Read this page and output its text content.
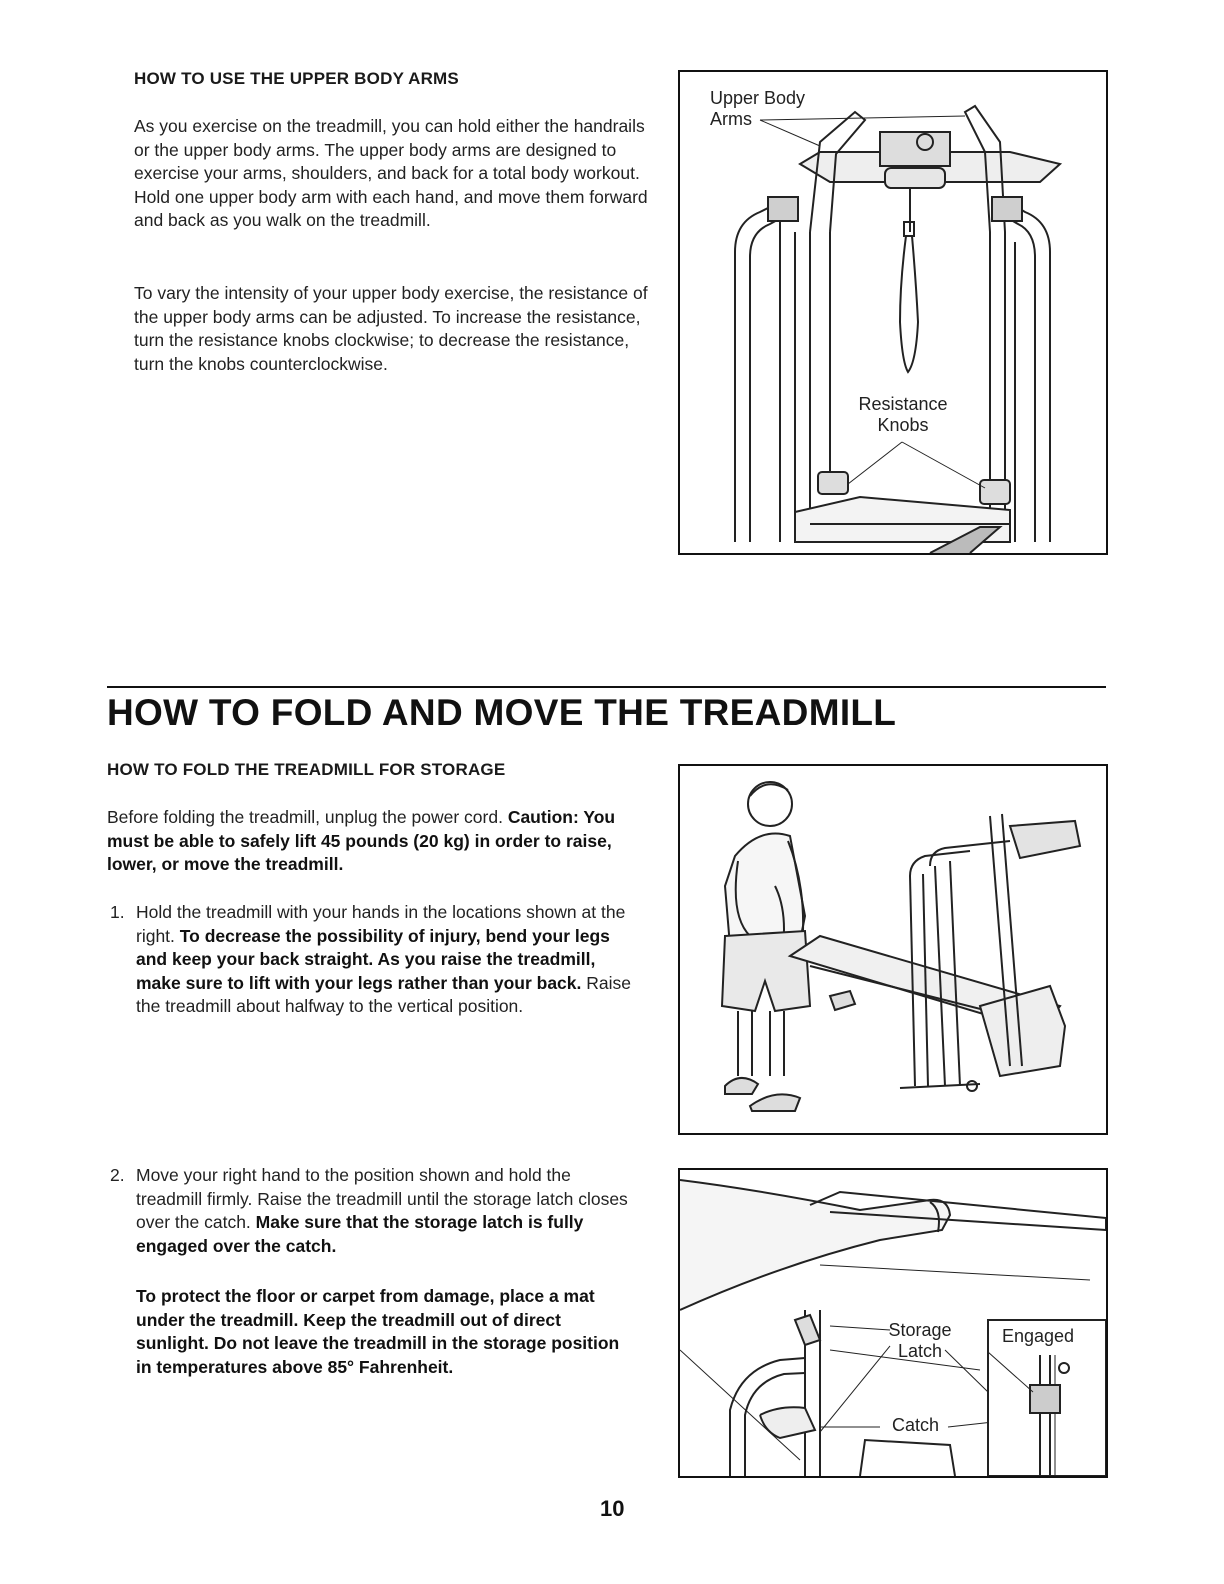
HOW TO USE THE UPPER BODY ARMS

As you exercise on the treadmill, you can hold either the handrails or the upper body arms. The upper body arms are designed to exercise your arms, shoulders, and back for a total body workout. Hold one upper body arm with each hand, and move them forward and back as you walk on the treadmill.

To vary the intensity of your upper body exercise, the resistance of the upper body arms can be adjusted. To increase the resistance, turn the resistance knobs clockwise; to decrease the resistance, turn the knobs counterclockwise.

Upper Body Arms
Resistance Knobs
HOW TO FOLD AND MOVE THE TREADMILL

HOW TO FOLD THE TREADMILL FOR STORAGE

Before folding the treadmill, unplug the power cord. Caution: You must be able to safely lift 45 pounds (20 kg) in order to raise, lower, or move the treadmill.

1. Hold the treadmill with your hands in the locations shown at the right. To decrease the possibility of injury, bend your legs and keep your back straight. As you raise the treadmill, make sure to lift with your legs rather than your back. Raise the treadmill about halfway to the vertical position.

2. Move your right hand to the position shown and hold the treadmill firmly. Raise the treadmill until the storage latch closes over the catch. Make sure that the storage latch is fully engaged over the catch.

To protect the floor or carpet from damage, place a mat under the treadmill. Keep the treadmill out of direct sunlight. Do not leave the treadmill in the storage position in temperatures above 85° Fahrenheit.

Storage Latch
Catch
Engaged
10
